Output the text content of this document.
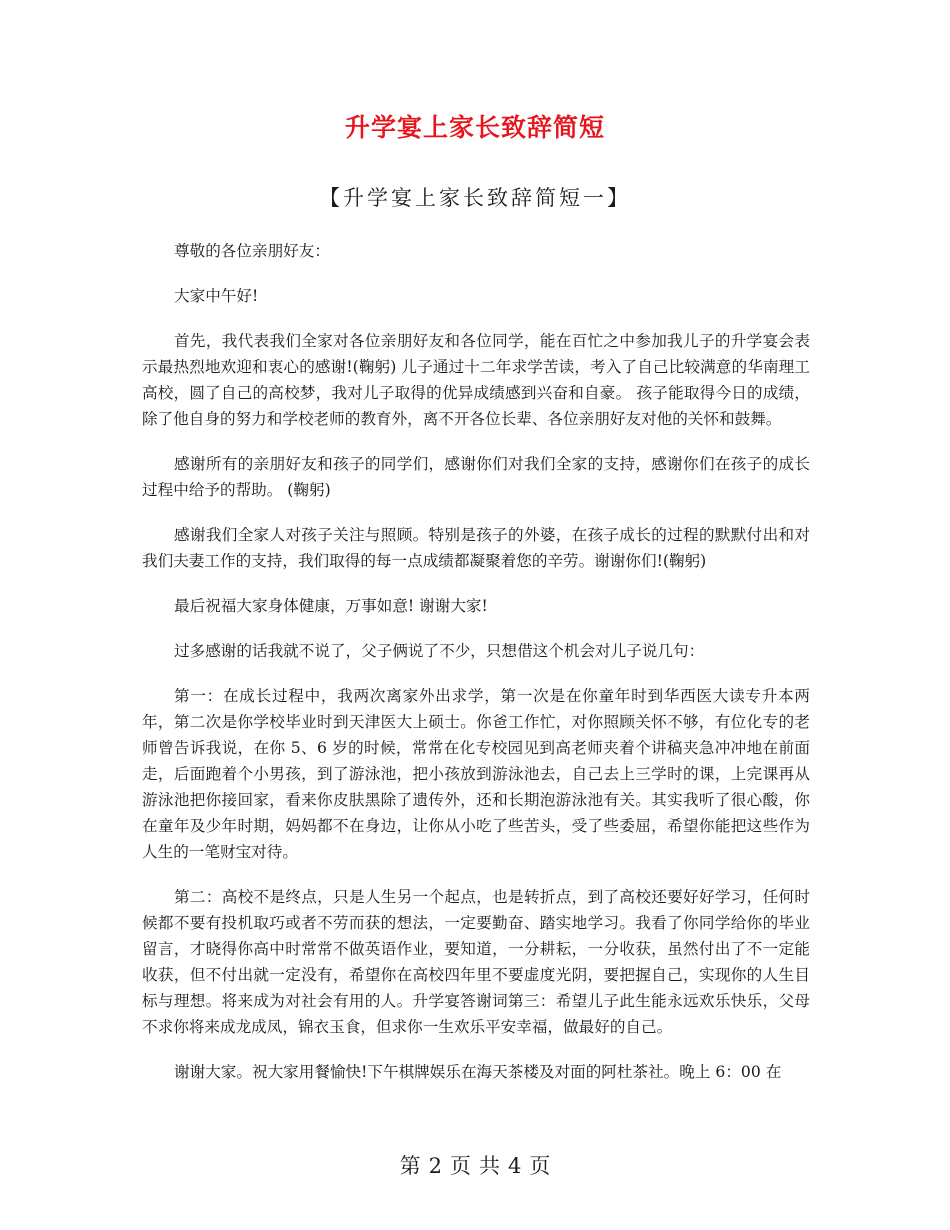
升学宴上家长致辞简短
【升学宴上家长致辞简短一】

尊敬的各位亲朋好友：

大家中午好!

首先，我代表我们全家对各位亲朋好友和各位同学，能在百忙之中参加我儿子的升学宴会表示最热烈地欢迎和衷心的感谢!(鞠躬) 儿子通过十二年求学苦读，考入了自己比较满意的华南理工高校，圆了自己的高校梦，我对儿子取得的优异成绩感到兴奋和自豪。 孩子能取得今日的成绩，除了他自身的努力和学校老师的教育外，离不开各位长辈、各位亲朋好友对他的关怀和鼓舞。

感谢所有的亲朋好友和孩子的同学们，感谢你们对我们全家的支持，感谢你们在孩子的成长过程中给予的帮助。 (鞠躬)

感谢我们全家人对孩子关注与照顾。特别是孩子的外婆，在孩子成长的过程的默默付出和对我们夫妻工作的支持，我们取得的每一点成绩都凝聚着您的辛劳。谢谢你们!(鞠躬)

最后祝福大家身体健康，万事如意! 谢谢大家!

过多感谢的话我就不说了，父子俩说了不少，只想借这个机会对儿子说几句：

第一：在成长过程中，我两次离家外出求学，第一次是在你童年时到华西医大读专升本两年，第二次是你学校毕业时到天津医大上硕士。你爸工作忙，对你照顾关怀不够，有位化专的老师曾告诉我说，在你 5、6 岁的时候，常常在化专校园见到高老师夹着个讲稿夹急冲冲地在前面走，后面跑着个小男孩，到了游泳池，把小孩放到游泳池去，自己去上三学时的课，上完课再从游泳池把你接回家，看来你皮肤黑除了遗传外，还和长期泡游泳池有关。其实我听了很心酸，你在童年及少年时期，妈妈都不在身边，让你从小吃了些苦头，受了些委屈，希望你能把这些作为人生的一笔财宝对待。

第二：高校不是终点，只是人生另一个起点，也是转折点，到了高校还要好好学习，任何时候都不要有投机取巧或者不劳而获的想法，一定要勤奋、踏实地学习。我看了你同学给你的毕业留言，才晓得你高中时常常不做英语作业，要知道，一分耕耘，一分收获，虽然付出了不一定能收获，但不付出就一定没有，希望你在高校四年里不要虚度光阴，要把握自己，实现你的人生目标与理想。将来成为对社会有用的人。升学宴答谢词第三：希望儿子此生能永远欢乐快乐，父母不求你将来成龙成凤，锦衣玉食，但求你一生欢乐平安幸福，做最好的自己。

谢谢大家。祝大家用餐愉快!下午棋牌娱乐在海天茶楼及对面的阿杜茶社。晚上 6：00 在

第 2 页 共 4 页
